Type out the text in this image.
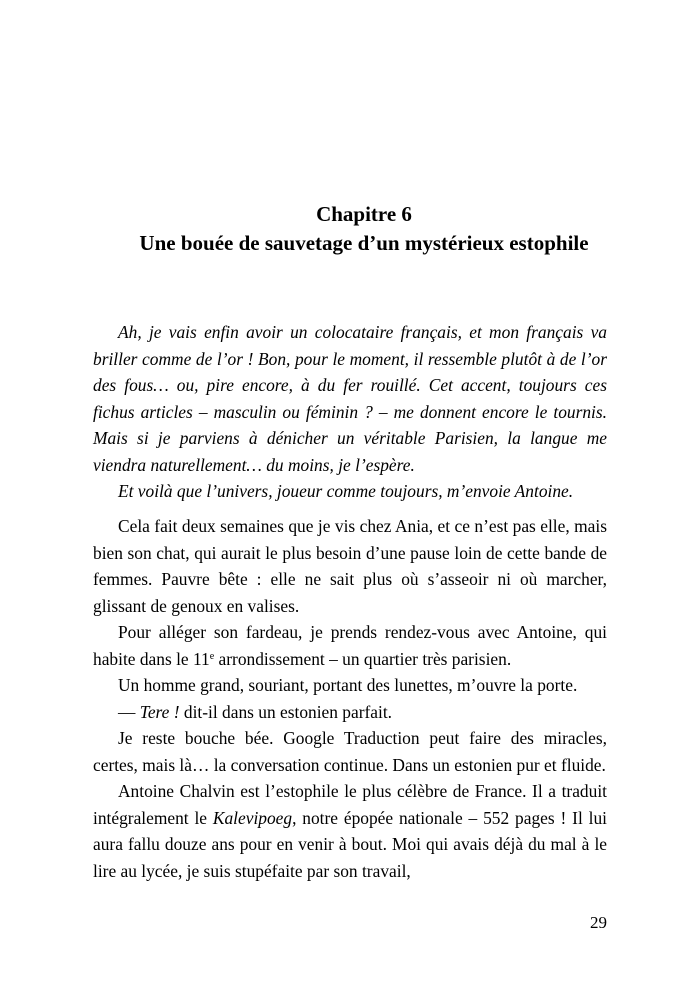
Chapitre 6
Une bouée de sauvetage d’un mystérieux estophile

Ah, je vais enfin avoir un colocataire français, et mon français va briller comme de l’or ! Bon, pour le moment, il ressemble plutôt à de l’or des fous… ou, pire encore, à du fer rouillé. Cet accent, toujours ces fichus articles – masculin ou féminin ? – me donnent encore le tournis. Mais si je parviens à dénicher un véritable Parisien, la langue me viendra naturellement… du moins, je l’espère.

Et voilà que l’univers, joueur comme toujours, m’envoie Antoine.

Cela fait deux semaines que je vis chez Ania, et ce n’est pas elle, mais bien son chat, qui aurait le plus besoin d’une pause loin de cette bande de femmes. Pauvre bête : elle ne sait plus où s’asseoir ni où marcher, glissant de genoux en valises.

Pour alléger son fardeau, je prends rendez-vous avec Antoine, qui habite dans le 11e arrondissement – un quartier très parisien.

Un homme grand, souriant, portant des lunettes, m’ouvre la porte.

— Tere ! dit-il dans un estonien parfait.

Je reste bouche bée. Google Traduction peut faire des miracles, certes, mais là… la conversation continue. Dans un estonien pur et fluide.

Antoine Chalvin est l’estophile le plus célèbre de France. Il a traduit intégralement le Kalevipoeg, notre épopée nationale – 552 pages ! Il lui aura fallu douze ans pour en venir à bout. Moi qui avais déjà du mal à le lire au lycée, je suis stupéfaite par son travail,

29
